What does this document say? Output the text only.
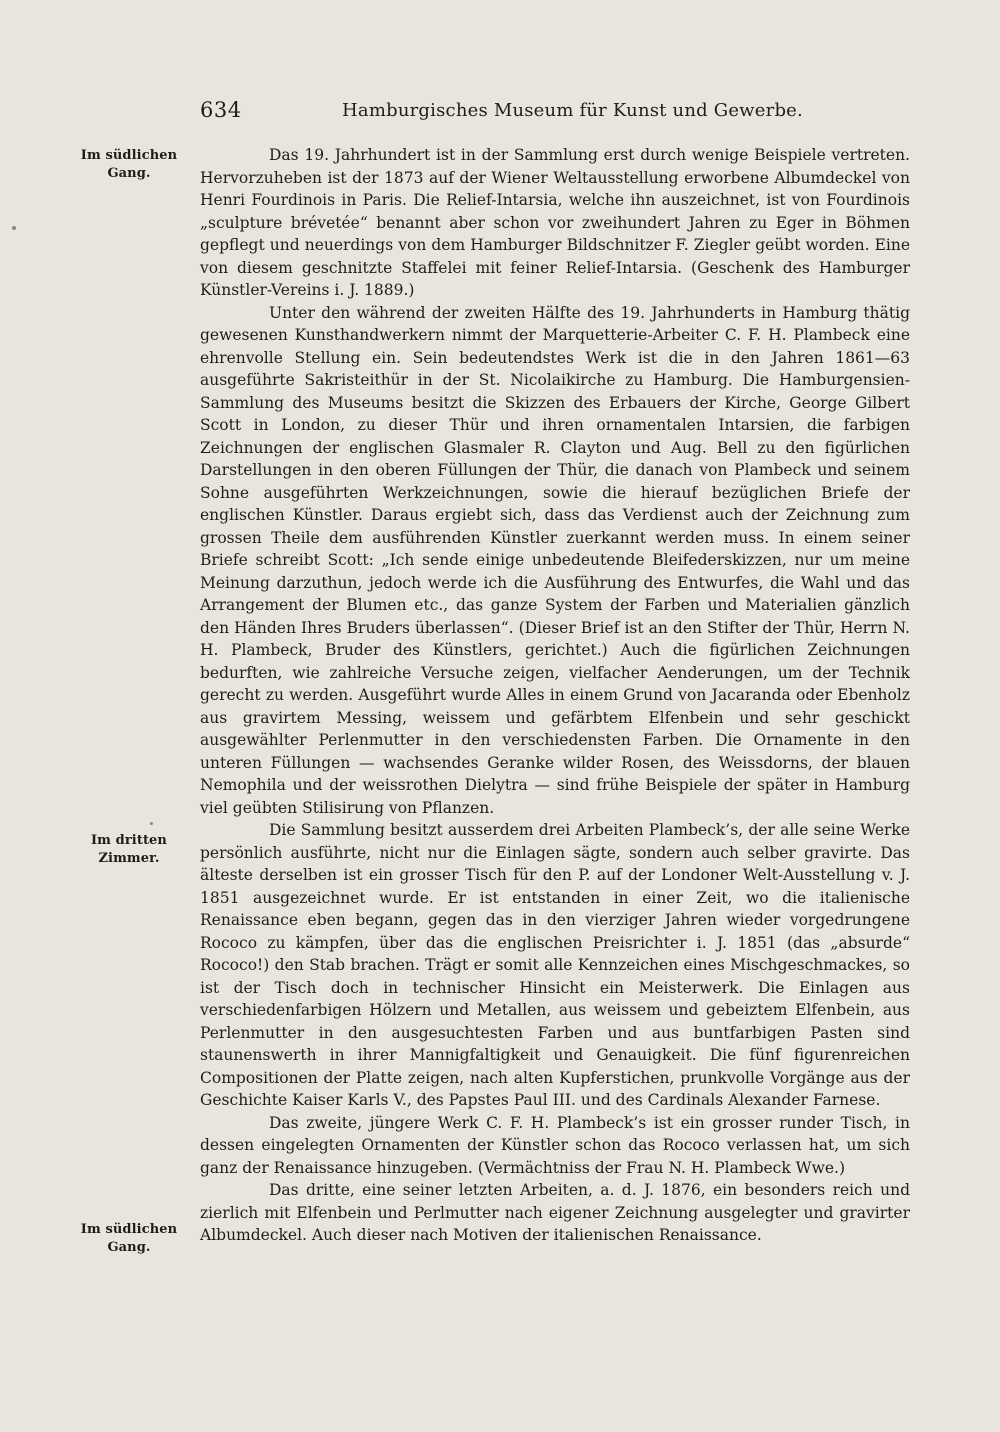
634	Hamburgisches Museum für Kunst und Gewerbe.
Im südlichen
Gang.
Im dritten
Zimmer.
Im südlichen
Gang.

Das 19. Jahrhundert ist in der Sammlung erst durch wenige Beispiele vertreten. Hervorzuheben ist der 1873 auf der Wiener Weltausstellung erworbene Albumdeckel von Henri Fourdinois in Paris. Die Relief-Intarsia, welche ihn auszeichnet, ist von Fourdinois „sculpture brévetée“ benannt aber schon vor zweihundert Jahren zu Eger in Böhmen gepflegt und neuerdings von dem Hamburger Bildschnitzer F. Ziegler geübt worden. Eine von diesem geschnitzte Staffelei mit feiner Relief-Intarsia. (Geschenk des Hamburger Künstler-Vereins i. J. 1889.)

Unter den während der zweiten Hälfte des 19. Jahrhunderts in Hamburg thätig gewesenen Kunsthandwerkern nimmt der Marquetterie-Arbeiter C. F. H. Plambeck eine ehrenvolle Stellung ein. Sein bedeutendstes Werk ist die in den Jahren 1861—63 ausgeführte Sakristeithür in der St. Nicolaikirche zu Hamburg. Die Hamburgensien-Sammlung des Museums besitzt die Skizzen des Erbauers der Kirche, George Gilbert Scott in London, zu dieser Thür und ihren ornamentalen Intarsien, die farbigen Zeichnungen der englischen Glasmaler R. Clayton und Aug. Bell zu den figürlichen Darstellungen in den oberen Füllungen der Thür, die danach von Plambeck und seinem Sohne ausgeführten Werkzeichnungen, sowie die hierauf bezüglichen Briefe der englischen Künstler. Daraus ergiebt sich, dass das Verdienst auch der Zeichnung zum grossen Theile dem ausführenden Künstler zuerkannt werden muss. In einem seiner Briefe schreibt Scott: „Ich sende einige unbedeutende Bleifederskizzen, nur um meine Meinung darzuthun, jedoch werde ich die Ausführung des Entwurfes, die Wahl und das Arrangement der Blumen etc., das ganze System der Farben und Materialien gänzlich den Händen Ihres Bruders überlassen“. (Dieser Brief ist an den Stifter der Thür, Herrn N. H. Plambeck, Bruder des Künstlers, gerichtet.) Auch die figürlichen Zeichnungen bedurften, wie zahlreiche Versuche zeigen, vielfacher Aenderungen, um der Technik gerecht zu werden. Ausgeführt wurde Alles in einem Grund von Jacaranda oder Ebenholz aus gravirtem Messing, weissem und gefärbtem Elfenbein und sehr geschickt ausgewählter Perlenmutter in den verschiedensten Farben. Die Ornamente in den unteren Füllungen — wachsendes Geranke wilder Rosen, des Weissdorns, der blauen Nemophila und der weissrothen Dielytra — sind frühe Beispiele der später in Hamburg viel geübten Stilisirung von Pflanzen.

Die Sammlung besitzt ausserdem drei Arbeiten Plambeck’s, der alle seine Werke persönlich ausführte, nicht nur die Einlagen sägte, sondern auch selber gravirte. Das älteste derselben ist ein grosser Tisch für den P. auf der Londoner Welt-Ausstellung v. J. 1851 ausgezeichnet wurde. Er ist entstanden in einer Zeit, wo die italienische Renaissance eben begann, gegen das in den vierziger Jahren wieder vorgedrungene Rococo zu kämpfen, über das die englischen Preisrichter i. J. 1851 (das „absurde“ Rococo!) den Stab brachen. Trägt er somit alle Kennzeichen eines Mischgeschmackes, so ist der Tisch doch in technischer Hinsicht ein Meisterwerk. Die Einlagen aus verschiedenfarbigen Hölzern und Metallen, aus weissem und gebeiztem Elfenbein, aus Perlenmutter in den ausgesuchtesten Farben und aus buntfarbigen Pasten sind staunenswerth in ihrer Mannigfaltigkeit und Genauigkeit. Die fünf figurenreichen Compositionen der Platte zeigen, nach alten Kupferstichen, prunkvolle Vorgänge aus der Geschichte Kaiser Karls V., des Papstes Paul III. und des Cardinals Alexander Farnese.

Das zweite, jüngere Werk C. F. H. Plambeck’s ist ein grosser runder Tisch, in dessen eingelegten Ornamenten der Künstler schon das Rococo verlassen hat, um sich ganz der Renaissance hinzugeben. (Vermächtniss der Frau N. H. Plambeck Wwe.)

Das dritte, eine seiner letzten Arbeiten, a. d. J. 1876, ein besonders reich und zierlich mit Elfenbein und Perlmutter nach eigener Zeichnung ausgelegter und gravirter Albumdeckel. Auch dieser nach Motiven der italienischen Renaissance.
